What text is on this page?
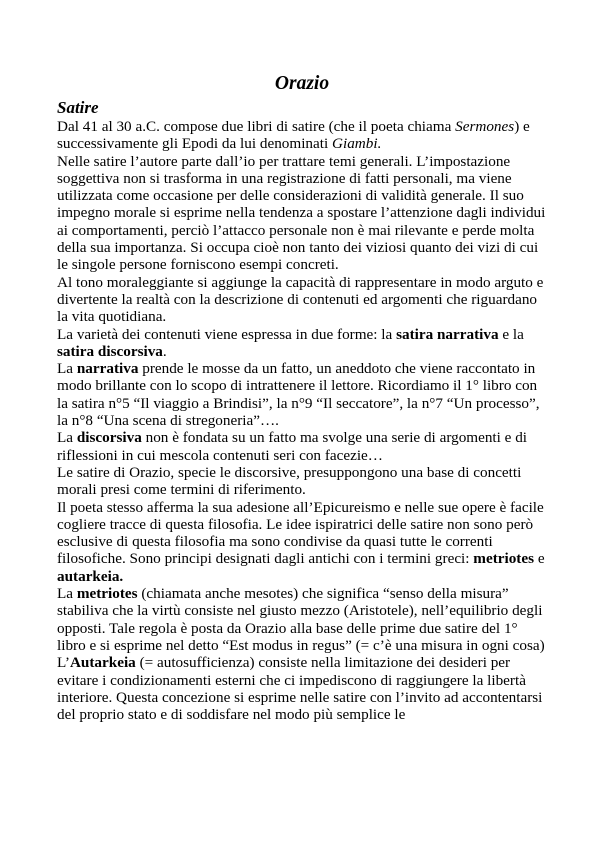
Orazio
Satire

Dal 41 al 30 a.C. compose due libri di satire (che il poeta chiama Sermones) e successivamente gli Epodi da lui denominati Giambi.

Nelle satire l’autore parte dall’io per trattare temi generali. L’impostazione soggettiva non si trasforma in una registrazione di fatti personali, ma viene utilizzata come occasione per delle considerazioni di validità generale. Il suo impegno morale si esprime nella tendenza a spostare l’attenzione dagli individui ai comportamenti, perciò l’attacco personale non è mai rilevante e perde molta della sua importanza. Si occupa cioè non tanto dei viziosi quanto dei vizi di cui le singole persone forniscono esempi concreti.

Al tono moraleggiante si aggiunge la capacità di rappresentare in modo arguto e divertente la realtà con la descrizione di contenuti ed argomenti che riguardano la vita quotidiana.

La varietà dei contenuti viene espressa in due forme: la satira narrativa e la satira discorsiva.

La narrativa prende le mosse da un fatto, un aneddoto che viene raccontato in modo brillante con lo scopo di intrattenere il lettore. Ricordiamo il 1° libro con la satira n°5 “Il viaggio a Brindisi”, la n°9 “Il seccatore”, la n°7 “Un processo”, la n°8 “Una scena di stregoneria”….

La discorsiva non è fondata su un fatto ma svolge una serie di argomenti e di riflessioni in cui mescola contenuti seri con facezie…

Le satire di Orazio, specie le discorsive, presuppongono una base di concetti morali presi come termini di riferimento.

Il poeta stesso afferma la sua adesione all’Epicureismo e nelle sue opere è facile cogliere tracce di questa filosofia. Le idee ispiratrici delle satire non sono però esclusive di questa filosofia ma sono condivise da quasi tutte le correnti filosofiche. Sono principi designati dagli antichi con i termini greci: metriotes e autarkeia.

La metriotes (chiamata anche mesotes) che significa “senso della misura” stabiliva che la virtù consiste nel giusto mezzo (Aristotele), nell’equilibrio degli opposti. Tale regola è posta da Orazio alla base delle prime due satire del 1° libro e si esprime nel detto “Est modus in regus” (= c’è una misura in ogni cosa)

L’Autarkeia (= autosufficienza) consiste nella limitazione dei desideri per evitare i condizionamenti esterni che ci impediscono di raggiungere la libertà interiore. Questa concezione si esprime nelle satire con l’invito ad accontentarsi del proprio stato e di soddisfare nel modo più semplice le
